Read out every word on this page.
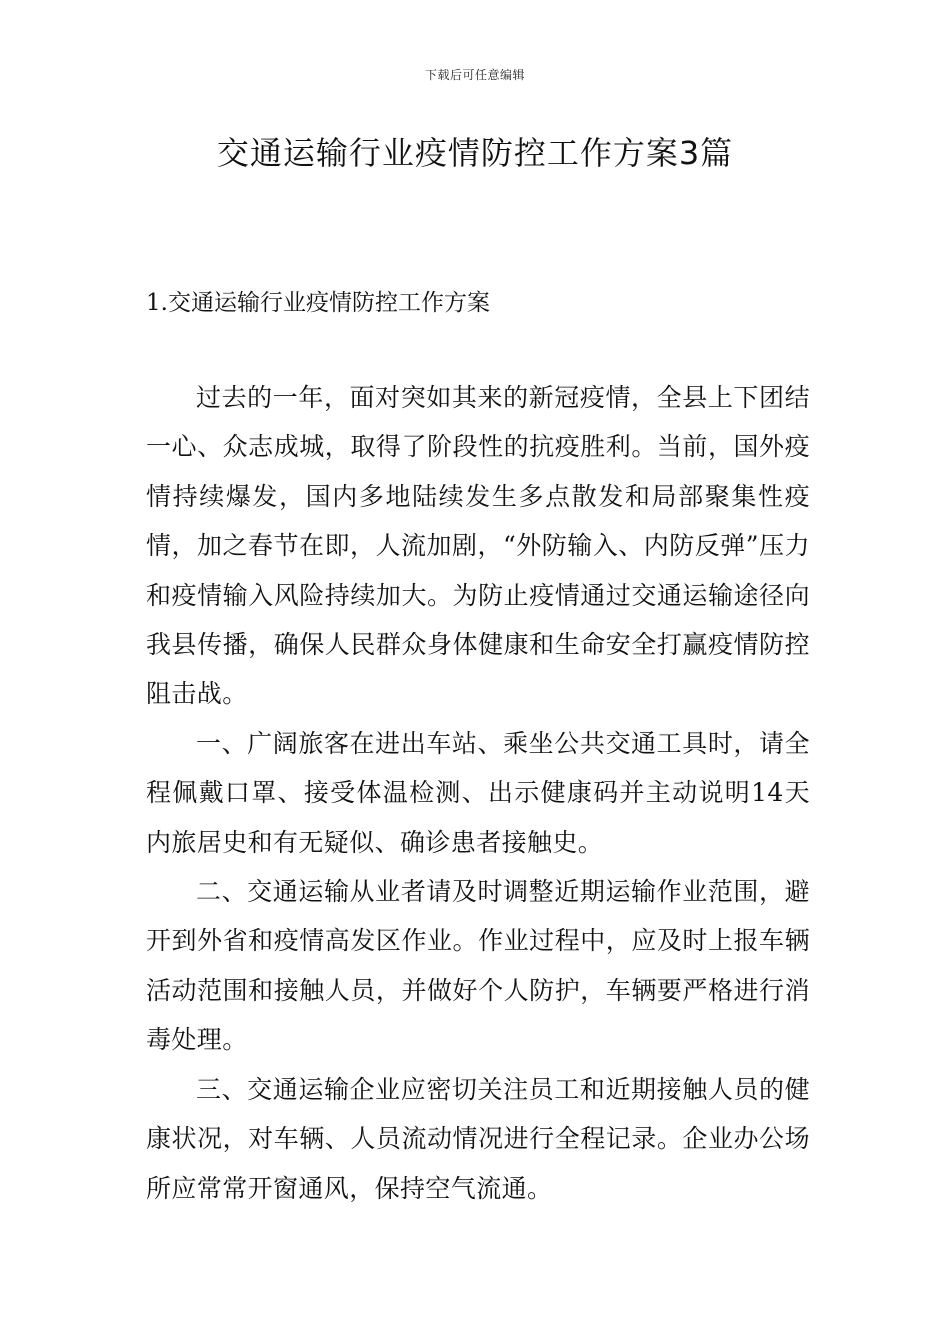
下载后可任意编辑
交通运输行业疫情防控工作方案3篇
1.交通运输行业疫情防控工作方案

过去的一年，面对突如其来的新冠疫情，全县上下团结一心、众志成城，取得了阶段性的抗疫胜利。当前，国外疫情持续爆发，国内多地陆续发生多点散发和局部聚集性疫情，加之春节在即，人流加剧，“外防输入、内防反弹”压力和疫情输入风险持续加大。为防止疫情通过交通运输途径向我县传播，确保人民群众身体健康和生命安全打赢疫情防控阻击战。

一、广阔旅客在进出车站、乘坐公共交通工具时，请全程佩戴口罩、接受体温检测、出示健康码并主动说明14天内旅居史和有无疑似、确诊患者接触史。

二、交通运输从业者请及时调整近期运输作业范围，避开到外省和疫情高发区作业。作业过程中，应及时上报车辆活动范围和接触人员，并做好个人防护，车辆要严格进行消毒处理。

三、交通运输企业应密切关注员工和近期接触人员的健康状况，对车辆、人员流动情况进行全程记录。企业办公场所应常常开窗通风，保持空气流通。
